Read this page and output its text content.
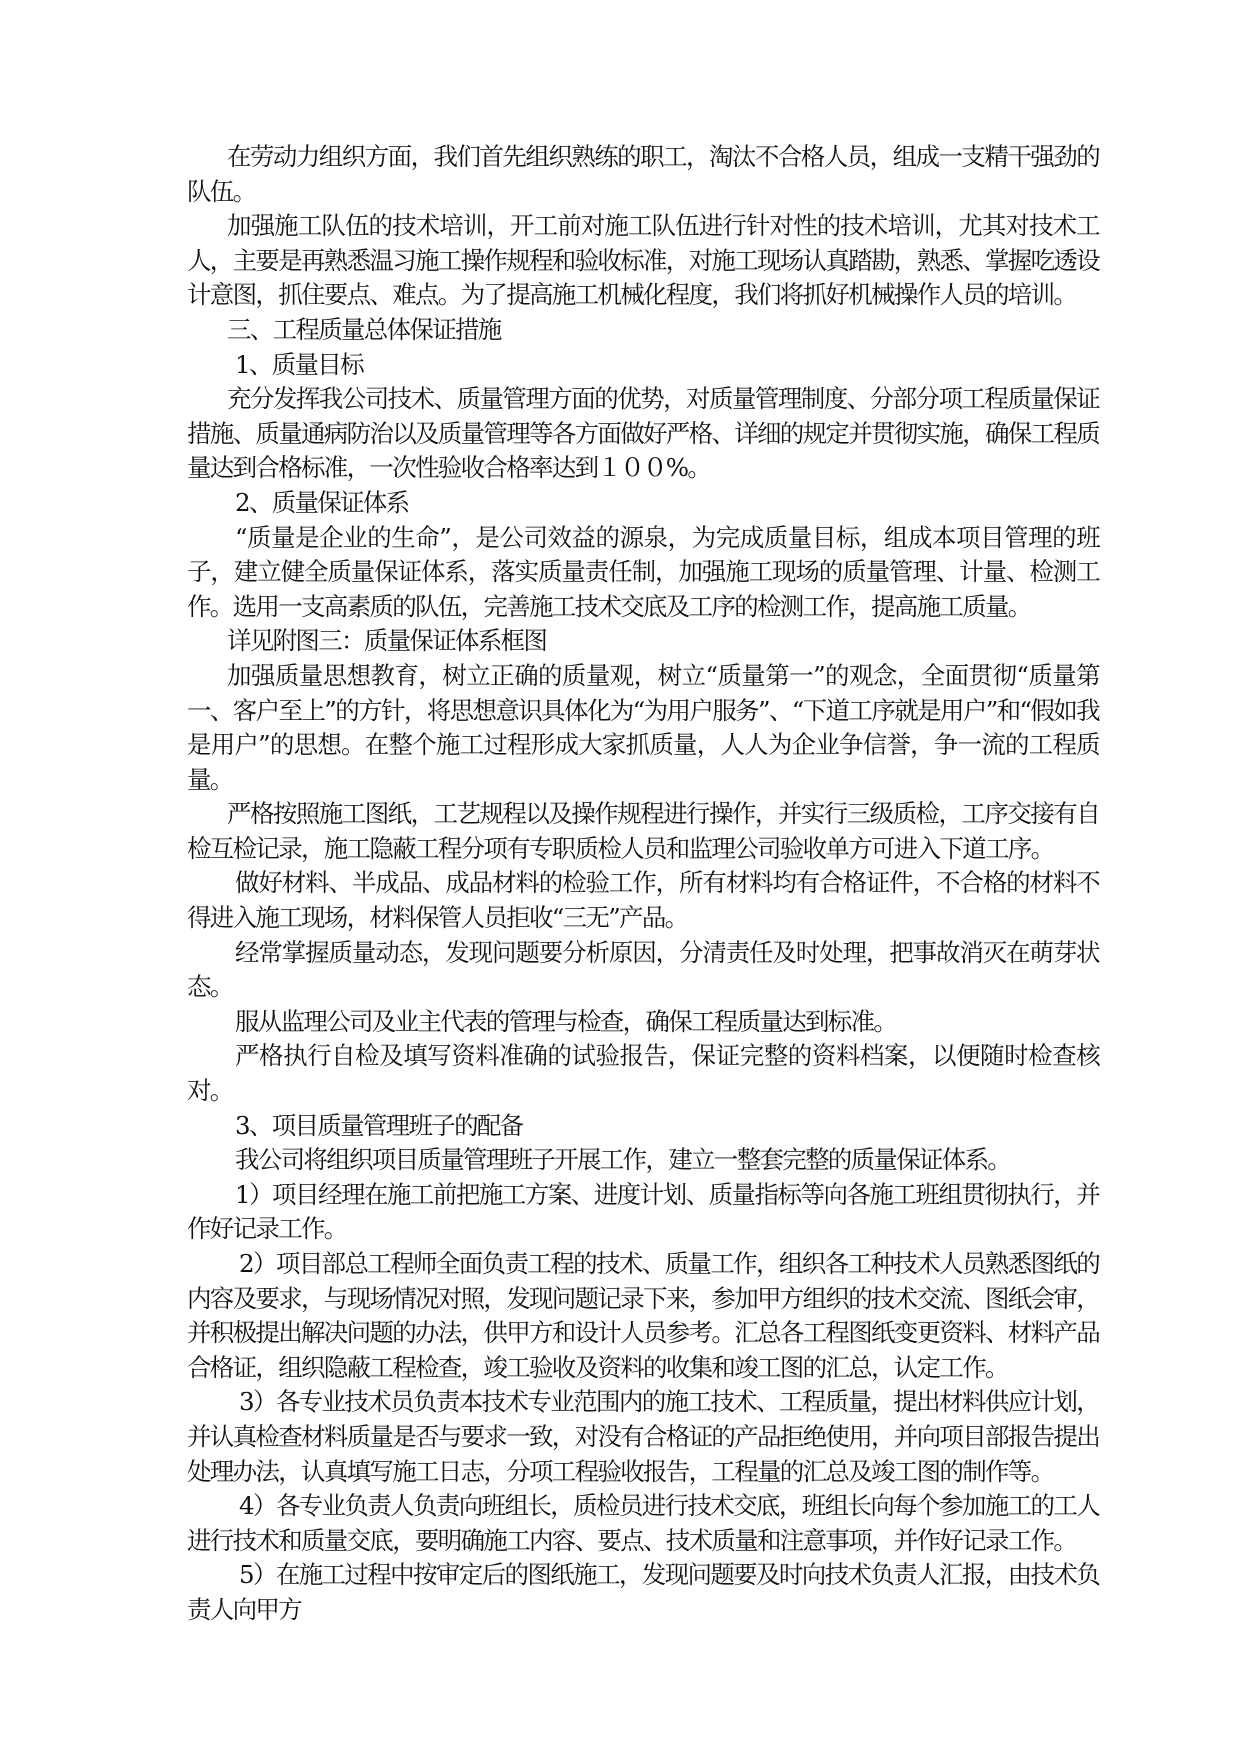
在劳动力组织方面，我们首先组织熟练的职工，淘汰不合格人员，组成一支精干强劲的队伍。

加强施工队伍的技术培训，开工前对施工队伍进行针对性的技术培训，尤其对技术工人，主要是再熟悉温习施工操作规程和验收标准，对施工现场认真踏勘，熟悉、掌握吃透设计意图，抓住要点、难点。为了提高施工机械化程度，我们将抓好机械操作人员的培训。

三、工程质量总体保证措施

1、质量目标

充分发挥我公司技术、质量管理方面的优势，对质量管理制度、分部分项工程质量保证措施、质量通病防治以及质量管理等各方面做好严格、详细的规定并贯彻实施，确保工程质量达到合格标准，一次性验收合格率达到１００%。

2、质量保证体系

“质量是企业的生命”，是公司效益的源泉，为完成质量目标，组成本项目管理的班子，建立健全质量保证体系，落实质量责任制，加强施工现场的质量管理、计量、检测工作。选用一支高素质的队伍，完善施工技术交底及工序的检测工作，提高施工质量。

详见附图三：质量保证体系框图

加强质量思想教育，树立正确的质量观，树立“质量第一”的观念，全面贯彻“质量第一、客户至上”的方针，将思想意识具体化为“为用户服务”、“下道工序就是用户”和“假如我是用户”的思想。在整个施工过程形成大家抓质量，人人为企业争信誉，争一流的工程质量。

严格按照施工图纸，工艺规程以及操作规程进行操作，并实行三级质检，工序交接有自检互检记录，施工隐蔽工程分项有专职质检人员和监理公司验收单方可进入下道工序。

做好材料、半成品、成品材料的检验工作，所有材料均有合格证件，不合格的材料不得进入施工现场，材料保管人员拒收“三无”产品。

经常掌握质量动态，发现问题要分析原因，分清责任及时处理，把事故消灭在萌芽状态。

服从监理公司及业主代表的管理与检查，确保工程质量达到标准。

严格执行自检及填写资料准确的试验报告，保证完整的资料档案，以便随时检查核对。

3、项目质量管理班子的配备

我公司将组织项目质量管理班子开展工作，建立一整套完整的质量保证体系。

1）项目经理在施工前把施工方案、进度计划、质量指标等向各施工班组贯彻执行，并作好记录工作。

2）项目部总工程师全面负责工程的技术、质量工作，组织各工种技术人员熟悉图纸的内容及要求，与现场情况对照，发现问题记录下来，参加甲方组织的技术交流、图纸会审，并积极提出解决问题的办法，供甲方和设计人员参考。汇总各工程图纸变更资料、材料产品合格证，组织隐蔽工程检查，竣工验收及资料的收集和竣工图的汇总，认定工作。

3）各专业技术员负责本技术专业范围内的施工技术、工程质量，提出材料供应计划，并认真检查材料质量是否与要求一致，对没有合格证的产品拒绝使用，并向项目部报告提出处理办法，认真填写施工日志，分项工程验收报告，工程量的汇总及竣工图的制作等。

4）各专业负责人负责向班组长，质检员进行技术交底，班组长向每个参加施工的工人进行技术和质量交底，要明确施工内容、要点、技术质量和注意事项，并作好记录工作。

5）在施工过程中按审定后的图纸施工，发现问题要及时向技术负责人汇报，由技术负责人向甲方
